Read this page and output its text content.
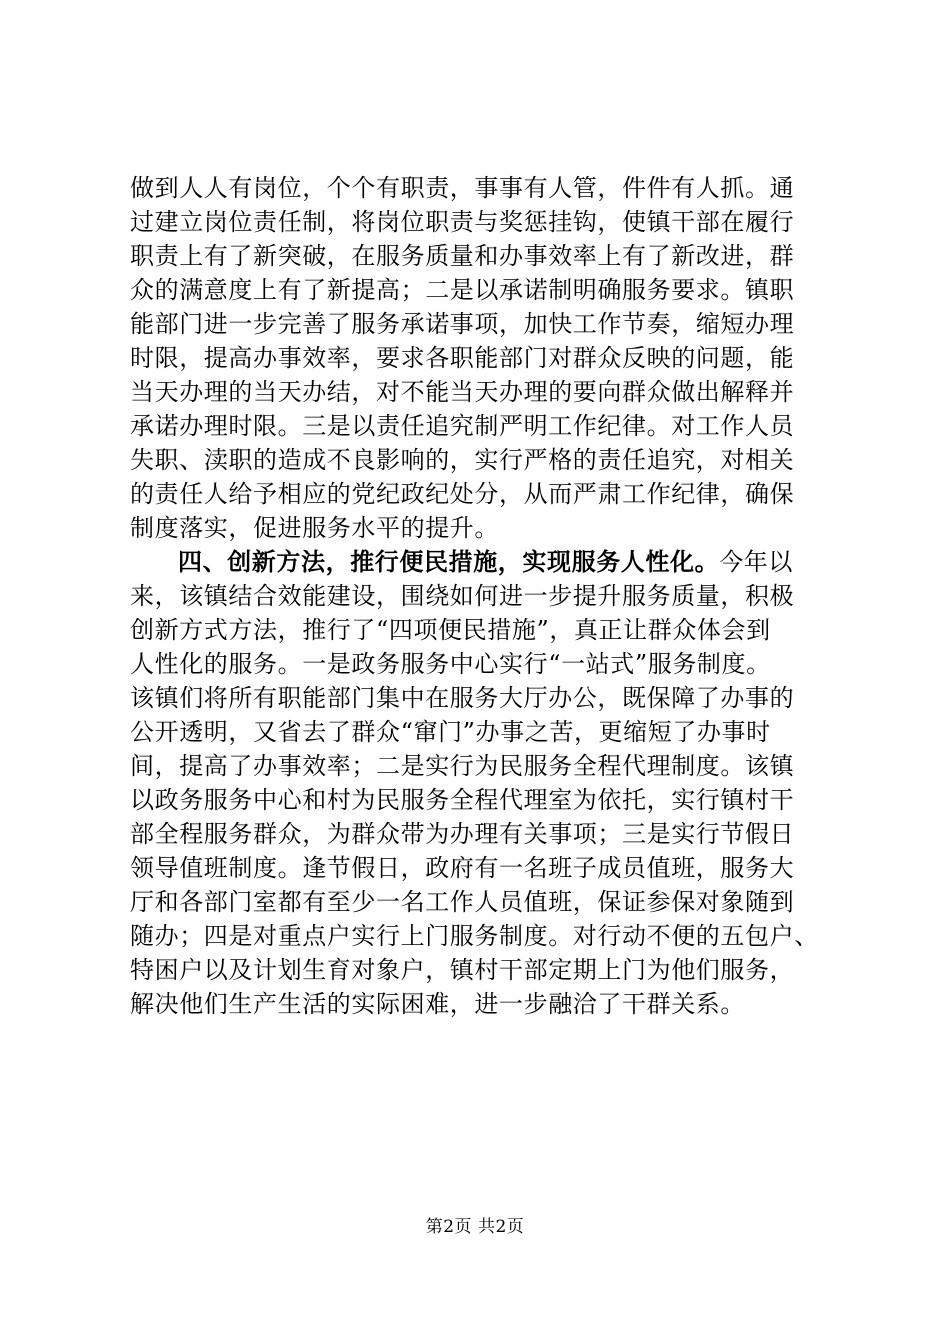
做到人人有岗位，个个有职责，事事有人管，件件有人抓。通
过建立岗位责任制，将岗位职责与奖惩挂钩，使镇干部在履行
职责上有了新突破，在服务质量和办事效率上有了新改进，群
众的满意度上有了新提高；二是以承诺制明确服务要求。镇职
能部门进一步完善了服务承诺事项，加快工作节奏，缩短办理
时限，提高办事效率，要求各职能部门对群众反映的问题，能
当天办理的当天办结，对不能当天办理的要向群众做出解释并
承诺办理时限。三是以责任追究制严明工作纪律。对工作人员
失职、渎职的造成不良影响的，实行严格的责任追究，对相关
的责任人给予相应的党纪政纪处分，从而严肃工作纪律，确保
制度落实，促进服务水平的提升。
四、创新方法，推行便民措施，实现服务人性化。今年以
来，该镇结合效能建设，围绕如何进一步提升服务质量，积极
创新方式方法，推行了“四项便民措施”，真正让群众体会到
人性化的服务。一是政务服务中心实行“一站式”服务制度。
该镇们将所有职能部门集中在服务大厅办公，既保障了办事的
公开透明，又省去了群众“窜门”办事之苦，更缩短了办事时
间，提高了办事效率；二是实行为民服务全程代理制度。该镇
以政务服务中心和村为民服务全程代理室为依托，实行镇村干
部全程服务群众，为群众带为办理有关事项；三是实行节假日
领导值班制度。逢节假日，政府有一名班子成员值班，服务大
厅和各部门室都有至少一名工作人员值班，保证参保对象随到
随办；四是对重点户实行上门服务制度。对行动不便的五包户、
特困户以及计划生育对象户，镇村干部定期上门为他们服务，
解决他们生产生活的实际困难，进一步融洽了干群关系。
第2页 共2页
